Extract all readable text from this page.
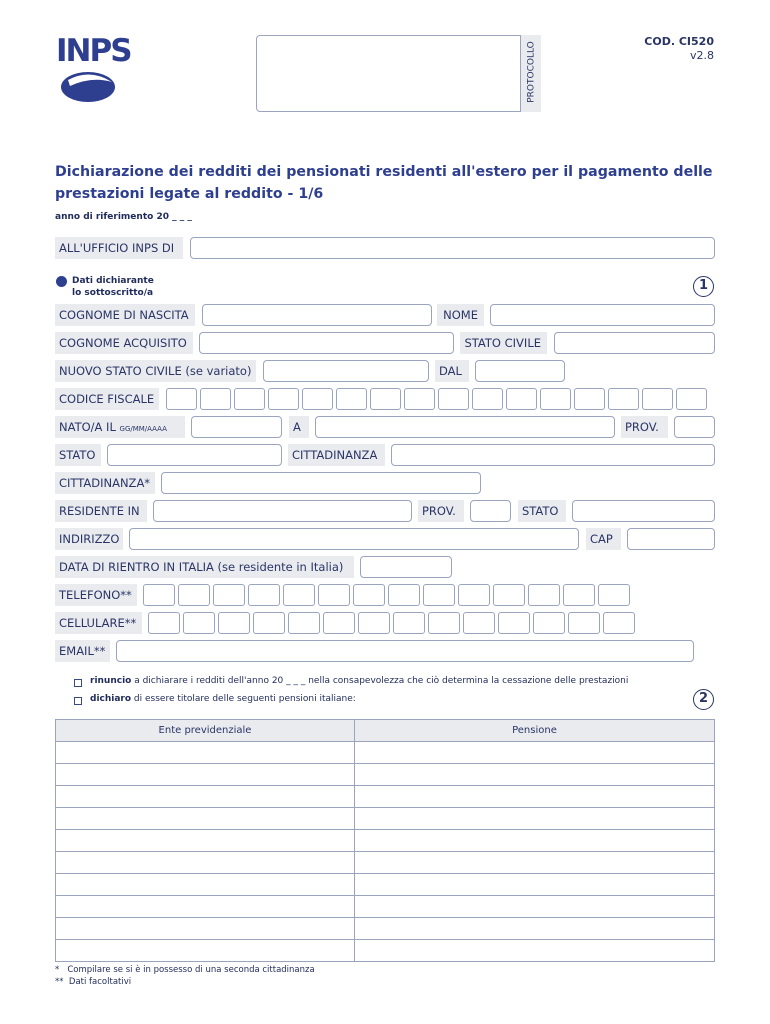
INPS	PROTOCOLLO	COD. CI520
v2.8
Dichiarazione dei redditi dei pensionati residenti all'estero per il pagamento delle
prestazioni legate al reddito - 1/6
anno di riferimento 20 _ _ _
ALL'UFFICIO INPS DI
Dati dichiarante
lo sottoscritto/a	1
COGNOME DI NASCITA	NOME
COGNOME ACQUISITO	STATO CIVILE
NUOVO STATO CIVILE (se variato)	DAL
CODICE FISCALE
NATO/A IL GG/MM/AAAA	A	PROV.
STATO	CITTADINANZA
CITTADINANZA*
RESIDENTE IN	PROV.	STATO
INDIRIZZO	CAP
DATA DI RIENTRO IN ITALIA (se residente in Italia)
TELEFONO**
CELLULARE**
EMAIL**
rinuncio a dichiarare i redditi dell'anno 20 _ _ _ nella consapevolezza che ciò determina la cessazione delle prestazioni
dichiaro di essere titolare delle seguenti pensioni italiane:	2
Ente previdenziale	Pensione

*   Compilare se si è in possesso di una seconda cittadinanza
**  Dati facoltativi
